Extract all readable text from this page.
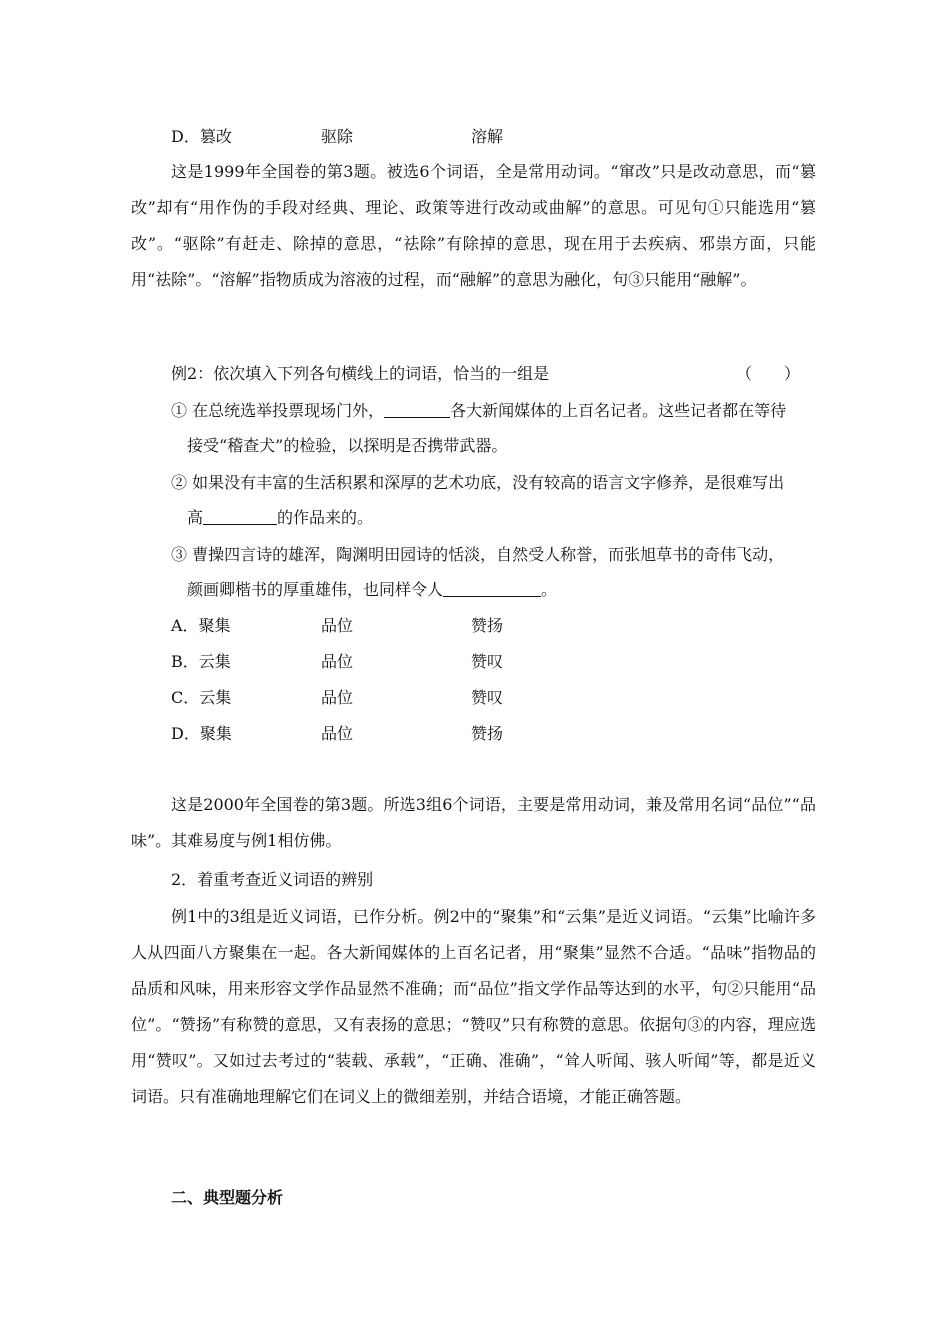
D．篡改	驱除	溶解
这是1999年全国卷的第3题。被选6个词语，全是常用动词。“窜改”只是改动意思，而“篡改”却有“用作伪的手段对经典、理论、政策等进行改动或曲解”的意思。可见句①只能选用“篡改”。“驱除”有赶走、除掉的意思，“祛除”有除掉的意思，现在用于去疾病、邪祟方面，只能用“祛除”。“溶解”指物质成为溶液的过程，而“融解”的意思为融化，句③只能用“融解”。
例2：依次填入下列各句横线上的词语，恰当的一组是	（　　）
① 在总统选举投票现场门外，	各大新闻媒体的上百名记者。这些记者都在等待
接受“稽查犬”的检验，以探明是否携带武器。
② 如果没有丰富的生活积累和深厚的艺术功底，没有较高的语言文字修养，是很难写出
高	的作品来的。
③ 曹操四言诗的雄浑，陶渊明田园诗的恬淡，自然受人称誉，而张旭草书的奇伟飞动，
颜画卿楷书的厚重雄伟，也同样令人	。
A．聚集	品位	赞扬
B．云集	品位	赞叹
C．云集	品位	赞叹
D．聚集	品位	赞扬
这是2000年全国卷的第3题。所选3组6个词语，主要是常用动词，兼及常用名词“品位”“品味”。其难易度与例1相仿佛。
2．着重考查近义词语的辨别
例1中的3组是近义词语，已作分析。例2中的“聚集”和“云集”是近义词语。“云集”比喻许多人从四面八方聚集在一起。各大新闻媒体的上百名记者，用“聚集”显然不合适。“品味”指物品的品质和风味，用来形容文学作品显然不准确；而“品位”指文学作品等达到的水平，句②只能用“品位”。“赞扬”有称赞的意思，又有表扬的意思；“赞叹”只有称赞的意思。依据句③的内容，理应选用“赞叹”。又如过去考过的“装载、承载”，“正确、准确”，“耸人听闻、骇人听闻”等，都是近义词语。只有准确地理解它们在词义上的微细差别，并结合语境，才能正确答题。
二、典型题分析
